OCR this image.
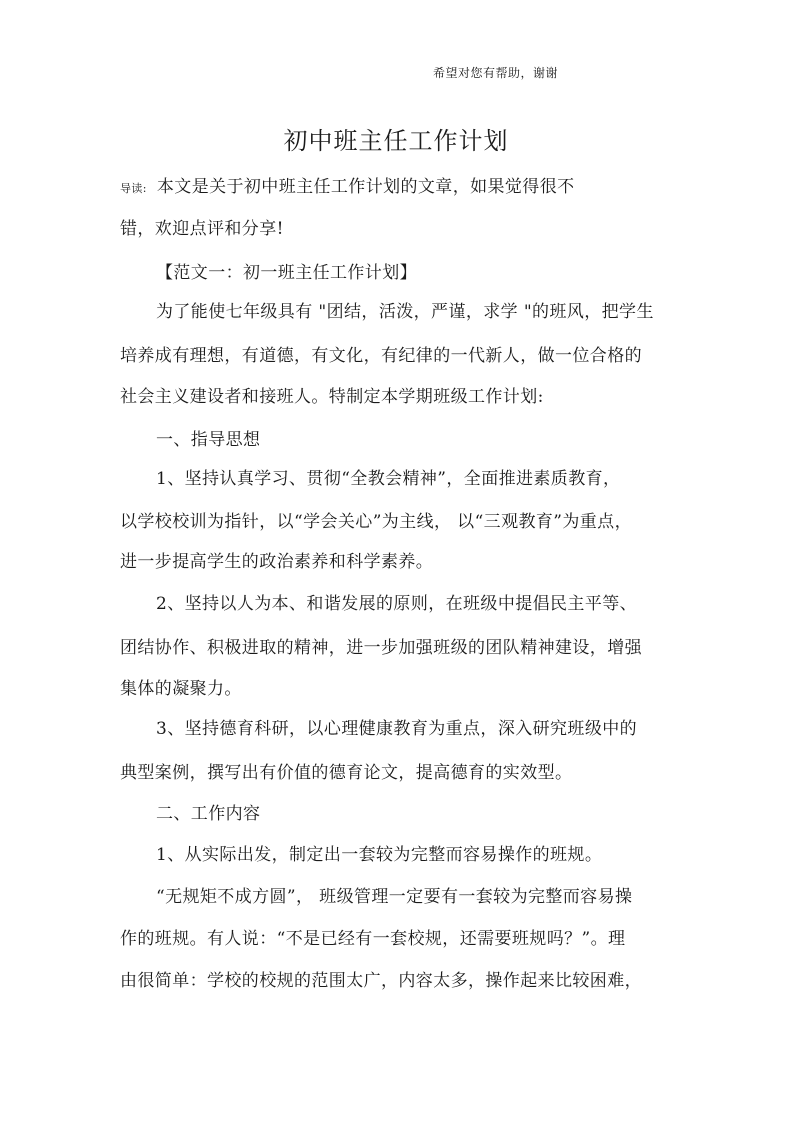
希望对您有帮助，谢谢
初中班主任工作计划
导读: 本文是关于初中班主任工作计划的文章，如果觉得很不
错，欢迎点评和分享!
【范文一：初一班主任工作计划】
为了能使七年级具有 "团结，活泼，严谨，求学 "的班风，把学生
培养成有理想，有道德，有文化，有纪律的一代新人，做一位合格的
社会主义建设者和接班人。特制定本学期班级工作计划:
一、指导思想
1、坚持认真学习、贯彻“全教会精神”，全面推进素质教育，
以学校校训为指针，以“学会关心”为主线， 以“三观教育”为重点，
进一步提高学生的政治素养和科学素养。
2、坚持以人为本、和谐发展的原则，在班级中提倡民主平等、
团结协作、积极进取的精神，进一步加强班级的团队精神建设，增强
集体的凝聚力。
3、坚持德育科研，以心理健康教育为重点，深入研究班级中的
典型案例，撰写出有价值的德育论文，提高德育的实效型。
二、工作内容
1、从实际出发，制定出一套较为完整而容易操作的班规。
“无规矩不成方圆”， 班级管理一定要有一套较为完整而容易操
作的班规。有人说：“不是已经有一套校规，还需要班规吗？”。理
由很简单：学校的校规的范围太广，内容太多，操作起来比较困难，
